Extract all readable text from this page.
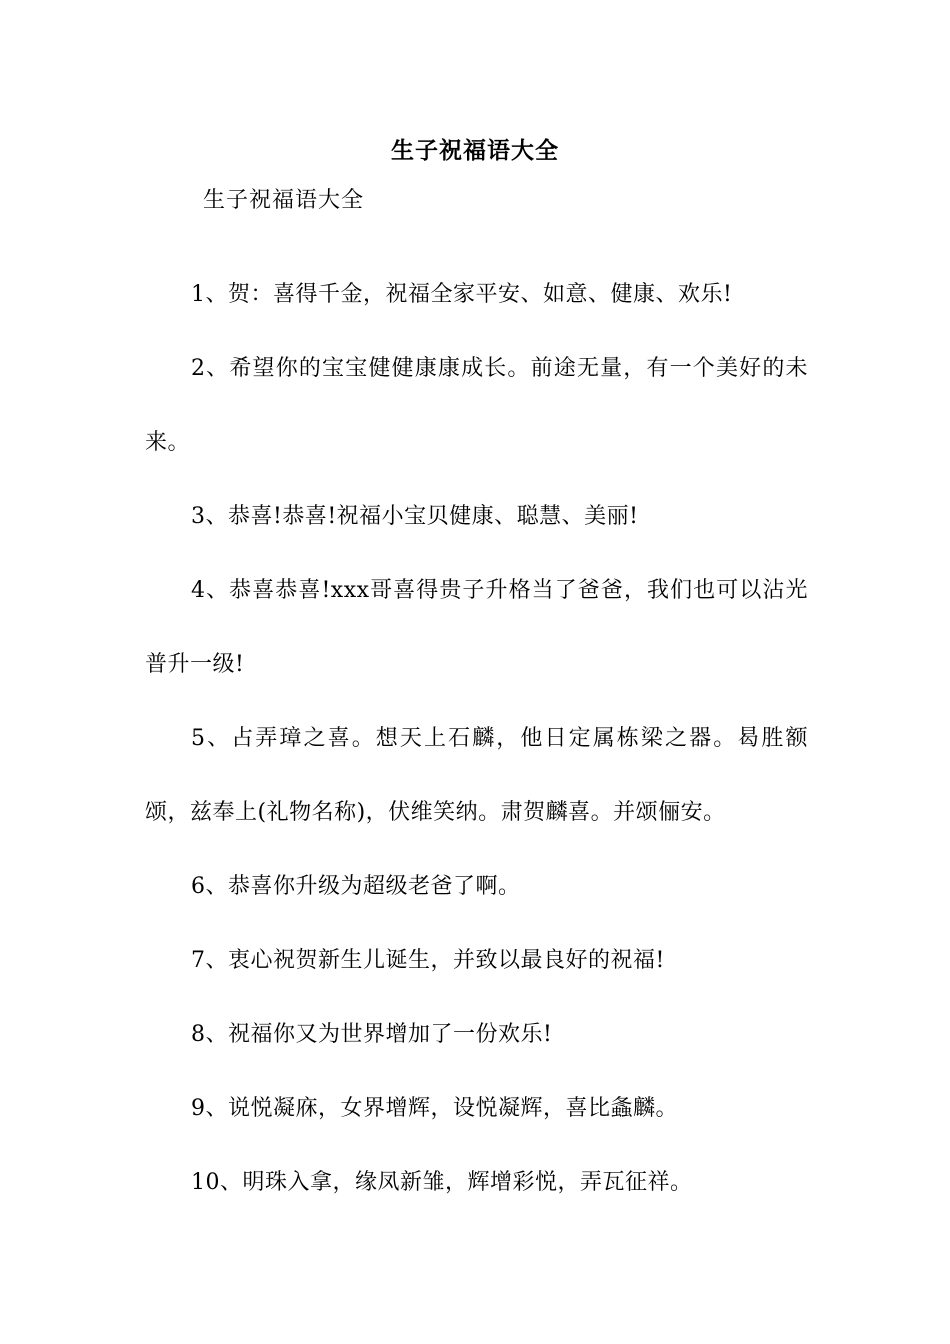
生子祝福语大全
生子祝福语大全

1、贺：喜得千金，祝福全家平安、如意、健康、欢乐!

2、希望你的宝宝健健康康成长。前途无量，有一个美好的未来。

3、恭喜!恭喜!祝福小宝贝健康、聪慧、美丽!

4、恭喜恭喜!xxx哥喜得贵子升格当了爸爸，我们也可以沾光普升一级!

5、占弄璋之喜。想天上石麟，他日定属栋梁之器。曷胜额颂，兹奉上(礼物名称)，伏维笑纳。肃贺麟喜。并颂俪安。

6、恭喜你升级为超级老爸了啊。

7、衷心祝贺新生儿诞生，并致以最良好的祝福!

8、祝福你又为世界增加了一份欢乐!

9、说悦凝庥，女界增辉，设悦凝辉，喜比螽麟。

10、明珠入拿，缘凤新雏，辉增彩悦，弄瓦征祥。
